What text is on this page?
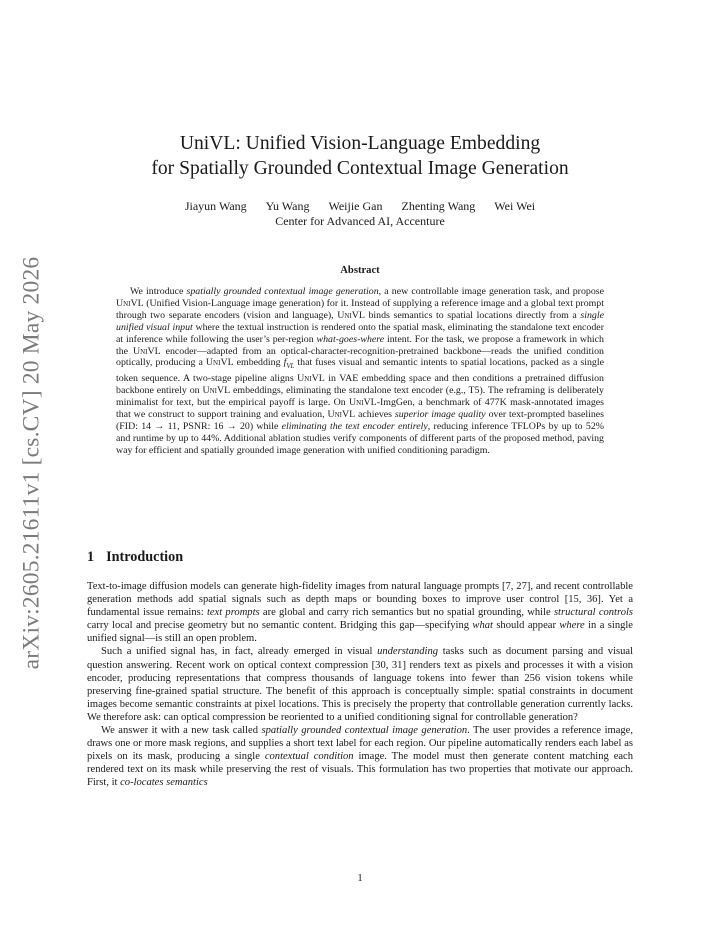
arXiv:2605.21611v1 [cs.CV] 20 May 2026
UniVL: Unified Vision-Language Embedding
for Spatially Grounded Contextual Image Generation
Jiayun Wang Yu Wang Weijie Gan Zhenting Wang Wei Wei
Center for Advanced AI, Accenture
Abstract

We introduce spatially grounded contextual image generation, a new controllable image generation task, and propose UniVL (Unified Vision-Language image generation) for it. Instead of supplying a reference image and a global text prompt through two separate encoders (vision and language), UniVL binds semantics to spatial locations directly from a single unified visual input where the textual instruction is rendered onto the spatial mask, eliminating the standalone text encoder at inference while following the user’s per-region what-goes-where intent. For the task, we propose a framework in which the UniVL encoder—adapted from an optical-character-recognition-pretrained backbone—reads the unified condition optically, producing a UniVL embedding $f_{VL}$ that fuses visual and semantic intents to spatial locations, packed as a single token sequence. A two-stage pipeline aligns UniVL in VAE embedding space and then conditions a pretrained diffusion backbone entirely on UniVL embeddings, eliminating the standalone text encoder (e.g., T5). The reframing is deliberately minimalist for text, but the empirical payoff is large. On UniVL-ImgGen, a benchmark of 477K mask-annotated images that we construct to support training and evaluation, UniVL achieves superior image quality over text-prompted baselines (FID: 14 → 11, PSNR: 16 → 20) while eliminating the text encoder entirely, reducing inference TFLOPs by up to 52% and runtime by up to 44%. Additional ablation studies verify components of different parts of the proposed method, paving way for efficient and spatially grounded image generation with unified conditioning paradigm.

1 Introduction

Text-to-image diffusion models can generate high-fidelity images from natural language prompts [7, 27], and recent controllable generation methods add spatial signals such as depth maps or bounding boxes to improve user control [15, 36]. Yet a fundamental issue remains: text prompts are global and carry rich semantics but no spatial grounding, while structural controls carry local and precise geometry but no semantic content. Bridging this gap—specifying what should appear where in a single unified signal—is still an open problem.

Such a unified signal has, in fact, already emerged in visual understanding tasks such as document parsing and visual question answering. Recent work on optical context compression [30, 31] renders text as pixels and processes it with a vision encoder, producing representations that compress thousands of language tokens into fewer than 256 vision tokens while preserving fine-grained spatial structure. The benefit of this approach is conceptually simple: spatial constraints in document images become semantic constraints at pixel locations. This is precisely the property that controllable generation currently lacks. We therefore ask: can optical compression be reoriented to a unified conditioning signal for controllable generation?

We answer it with a new task called spatially grounded contextual image generation. The user provides a reference image, draws one or more mask regions, and supplies a short text label for each region. Our pipeline automatically renders each label as pixels on its mask, producing a single contextual condition image. The model must then generate content matching each rendered text on its mask while preserving the rest of visuals. This formulation has two properties that motivate our approach. First, it co-locates semantics

1
